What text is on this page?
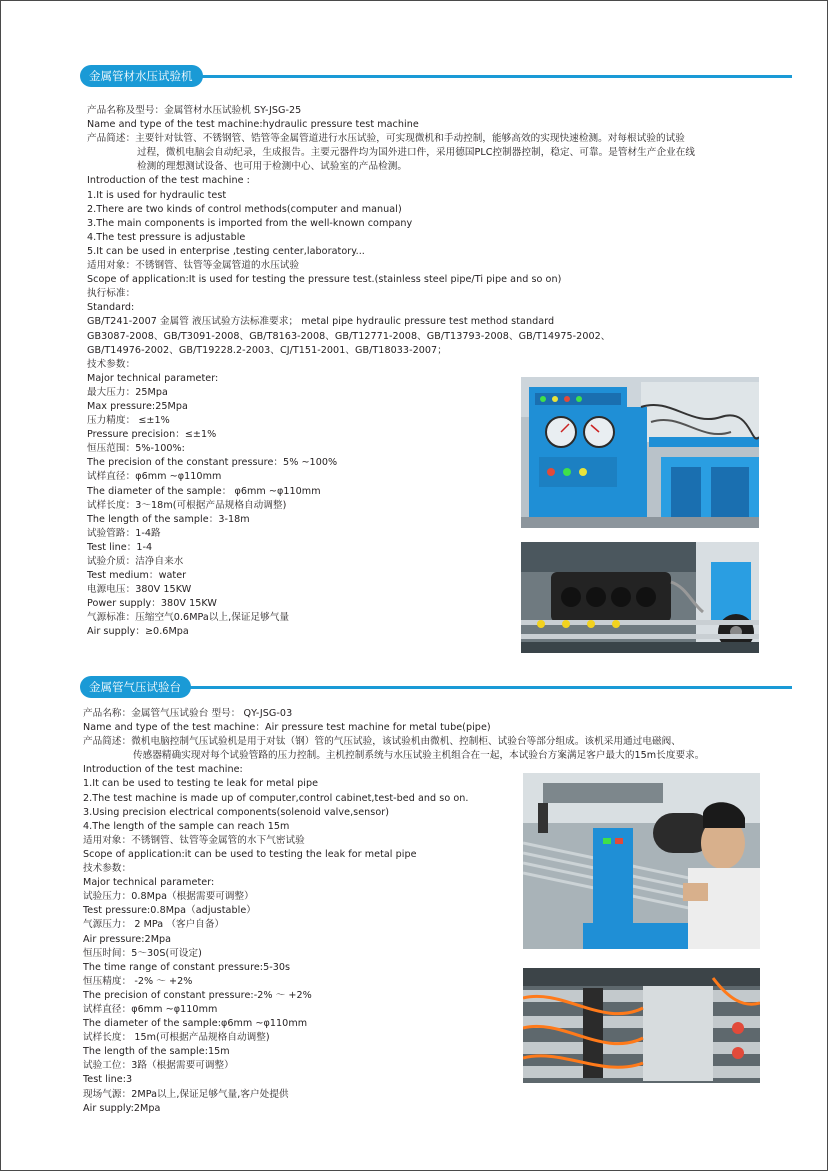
金属管材水压试验机
产品名称及型号：金属管材水压试验机 SY-JSG-25
Name and type of the test machine:hydraulic pressure test machine
产品简述：主要针对钛管、不锈钢管、锆管等金属管道进行水压试验，可实现微机和手动控制，能够高效的实现快速检测。对每根试验的试验
过程，微机电脑会自动纪录，生成报告。主要元器件均为国外进口件，采用德国PLC控制器控制，稳定、可靠。是管材生产企业在线
检测的理想测试设备、也可用于检测中心、试验室的产品检测。
Introduction of the test machine :
1.It is used for hydraulic test
2.There are two kinds of control methods(computer and manual)
3.The main components is imported from the well-known company
4.The test pressure is adjustable
5.It can be used in enterprise ,testing center,laboratory...
适用对象：不锈钢管、钛管等金属管道的水压试验
Scope of application:It is used for testing the pressure test.(stainless steel pipe/Ti pipe and so on)
执行标准：
Standard:
GB/T241-2007 金属管 液压试验方法标准要求； metal pipe hydraulic pressure test method standard
GB3087-2008、GB/T3091-2008、GB/T8163-2008、GB/T12771-2008、GB/T13793-2008、GB/T14975-2002、
GB/T14976-2002、GB/T19228.2-2003、CJ/T151-2001、GB/T18033-2007；
技术参数：
Major technical parameter:
最大压力：25Mpa
Max pressure:25Mpa
压力精度： ≤±1%
Pressure precision：≤±1%
恒压范围：5%-100%:
The precision of the constant pressure：5% ~100%
试样直径：φ6mm ~φ110mm
The diameter of the sample： φ6mm ~φ110mm
试样长度：3～18m(可根据产品规格自动调整)
The length of the sample：3-18m
试验管路：1-4路
Test line：1-4
试验介质：洁净自来水
Test medium：water
电源电压：380V 15KW
Power supply：380V 15KW
气源标准：压缩空气0.6MPa以上,保证足够气量
Air supply：≥0.6Mpa
金属管气压试验台
产品名称：金属管气压试验台 型号： QY-JSG-03
Name and type of the test machine：Air pressure test machine for metal tube(pipe)
产品简述：微机电脑控制气压试验机是用于对钛（钢）管的气压试验，该试验机由微机、控制柜、试验台等部分组成。该机采用通过电磁阀、
传感器精确实现对每个试验管路的压力控制。主机控制系统与水压试验主机组合在一起，本试验台方案满足客户最大的15m长度要求。
Introduction of the test machine:
1.It can be used to testing te leak for metal pipe
2.The test machine is made up of computer,control cabinet,test-bed and so on.
3.Using precision electrical components(solenoid valve,sensor)
4.The length of the sample can reach 15m
适用对象：不锈钢管、钛管等金属管的水下气密试验
Scope of application:it can be used to testing the leak for metal pipe
技术参数：
Major technical parameter:
试验压力：0.8Mpa（根据需要可调整）
Test pressure:0.8Mpa（adjustable）
气源压力： 2 MPa （客户自备）
Air pressure:2Mpa
恒压时间：5～30S(可设定)
The time range of constant pressure:5-30s
恒压精度： -2% ～ +2%
The precision of constant pressure:-2% ～ +2%
试样直径：φ6mm ~φ110mm
The diameter of the sample:φ6mm ~φ110mm
试样长度： 15m(可根据产品规格自动调整)
The length of the sample:15m
试验工位：3路（根据需要可调整）
Test line:3
现场气源：2MPa以上,保证足够气量,客户处提供
Air supply:2Mpa
